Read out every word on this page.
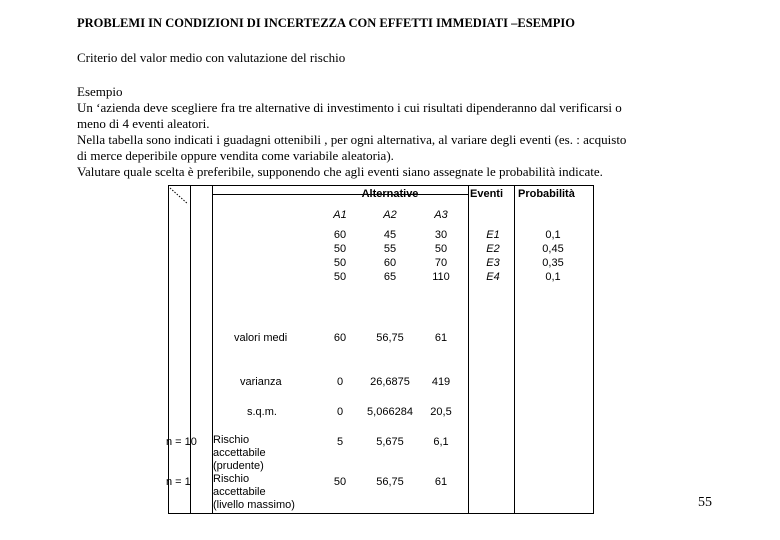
PROBLEMI IN CONDIZIONI DI INCERTEZZA CON EFFETTI IMMEDIATI –ESEMPIO
Criterio del valor medio con valutazione del rischio
Esempio
Un ‘azienda deve scegliere fra tre alternative di investimento i cui risultati dipenderanno dal verificarsi o
meno di 4 eventi aleatori.
Nella tabella sono indicati i guadagni ottenibili , per ogni alternativa, al variare degli eventi (es. : acquisto
di merce deperibile oppure vendita come variabile aleatoria).
Valutare quale scelta è preferibile, supponendo che agli eventi siano assegnate le probabilità indicate.
Alternative	Eventi Probabilità
A1	A2	A3
60	45	30	E1	0,1
50	55	50	E2	0,45
50	60	70	E3	0,35
50	65	110	E4	0,1
valori medi	60	56,75	61
varianza	0 26,6875 419
s.q.m.	0 5,066284 20,5
n = 10 Rischio
accettabile
(prudente)
5	5,675	6,1
n = 1 Rischio
accettabile
(livello massimo)
50	56,75	61
55
